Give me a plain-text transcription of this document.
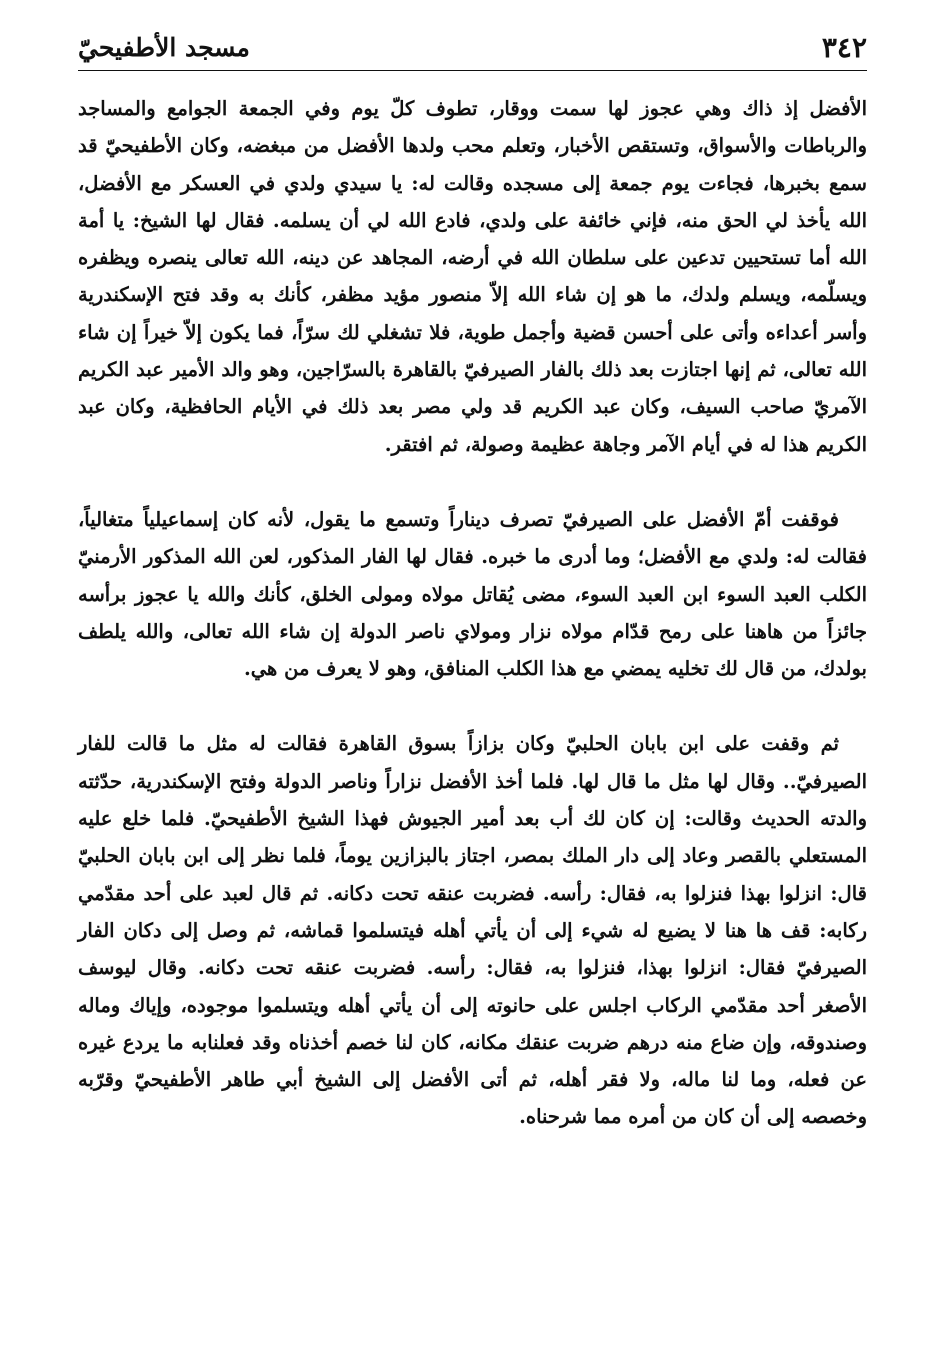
٣٤٢
مسجد الأطفيحيّ

الأفضل إذ ذاك وهي عجوز لها سمت ووقار، تطوف كلّ يوم وفي الجمعة الجوامع والمساجد والرباطات والأسواق، وتستقص الأخبار، وتعلم محب ولدها الأفضل من مبغضه، وكان الأطفيحيّ قد سمع بخبرها، فجاءت يوم جمعة إلى مسجده وقالت له: يا سيدي ولدي في العسكر مع الأفضل، الله يأخذ لي الحق منه، فإني خائفة على ولدي، فادع الله لي أن يسلمه. فقال لها الشيخ: يا أمة الله أما تستحيين تدعين على سلطان الله في أرضه، المجاهد عن دينه، الله تعالى ينصره ويظفره ويسلّمه، ويسلم ولدك، ما هو إن شاء الله إلاّ منصور مؤيد مظفر، كأنك به وقد فتح الإسكندرية وأسر أعداءه وأتى على أحسن قضية وأجمل طوية، فلا تشغلي لك سرّاً، فما يكون إلاّ خيراً إن شاء الله تعالى، ثم إنها اجتازت بعد ذلك بالفار الصيرفيّ بالقاهرة بالسرّاجين، وهو والد الأمير عبد الكريم الآمريّ صاحب السيف، وكان عبد الكريم قد ولي مصر بعد ذلك في الأيام الحافظية، وكان عبد الكريم هذا له في أيام الآمر وجاهة عظيمة وصولة، ثم افتقر.

فوقفت أمّ الأفضل على الصيرفيّ تصرف ديناراً وتسمع ما يقول، لأنه كان إسماعيلياً متغالياً، فقالت له: ولدي مع الأفضل؛ وما أدرى ما خبره. فقال لها الفار المذكور، لعن الله المذكور الأرمنيّ الكلب العبد السوء ابن العبد السوء، مضى يُقاتل مولاه ومولى الخلق، كأنك والله يا عجوز برأسه جائزاً من هاهنا على رمح قدّام مولاه نزار ومولاي ناصر الدولة إن شاء الله تعالى، والله يلطف بولدك، من قال لك تخليه يمضي مع هذا الكلب المنافق، وهو لا يعرف من هي.

ثم وقفت على ابن بابان الحلبيّ وكان بزازاً بسوق القاهرة فقالت له مثل ما قالت للفار الصيرفيّ.. وقال لها مثل ما قال لها. فلما أخذ الأفضل نزاراً وناصر الدولة وفتح الإسكندرية، حدّثته والدته الحديث وقالت: إن كان لك أب بعد أمير الجيوش فهذا الشيخ الأطفيحيّ. فلما خلع عليه المستعلي بالقصر وعاد إلى دار الملك بمصر، اجتاز بالبزازين يوماً، فلما نظر إلى ابن بابان الحلبيّ قال: انزلوا بهذا فنزلوا به، فقال: رأسه. فضربت عنقه تحت دكانه. ثم قال لعبد على أحد مقدّمي ركابه: قف ها هنا لا يضيع له شيء إلى أن يأتي أهله فيتسلموا قماشه، ثم وصل إلى دكان الفار الصيرفيّ فقال: انزلوا بهذا، فنزلوا به، فقال: رأسه. فضربت عنقه تحت دكانه. وقال ليوسف الأصغر أحد مقدّمي الركاب اجلس على حانوته إلى أن يأتي أهله ويتسلموا موجوده، وإياك وماله وصندوقه، وإن ضاع منه درهم ضربت عنقك مكانه، كان لنا خصم أخذناه وقد فعلنابه ما يردع غيره عن فعله، وما لنا ماله، ولا فقر أهله، ثم أتى الأفضل إلى الشيخ أبي طاهر الأطفيحيّ وقرّبه وخصصه إلى أن كان من أمره مما شرحناه.
